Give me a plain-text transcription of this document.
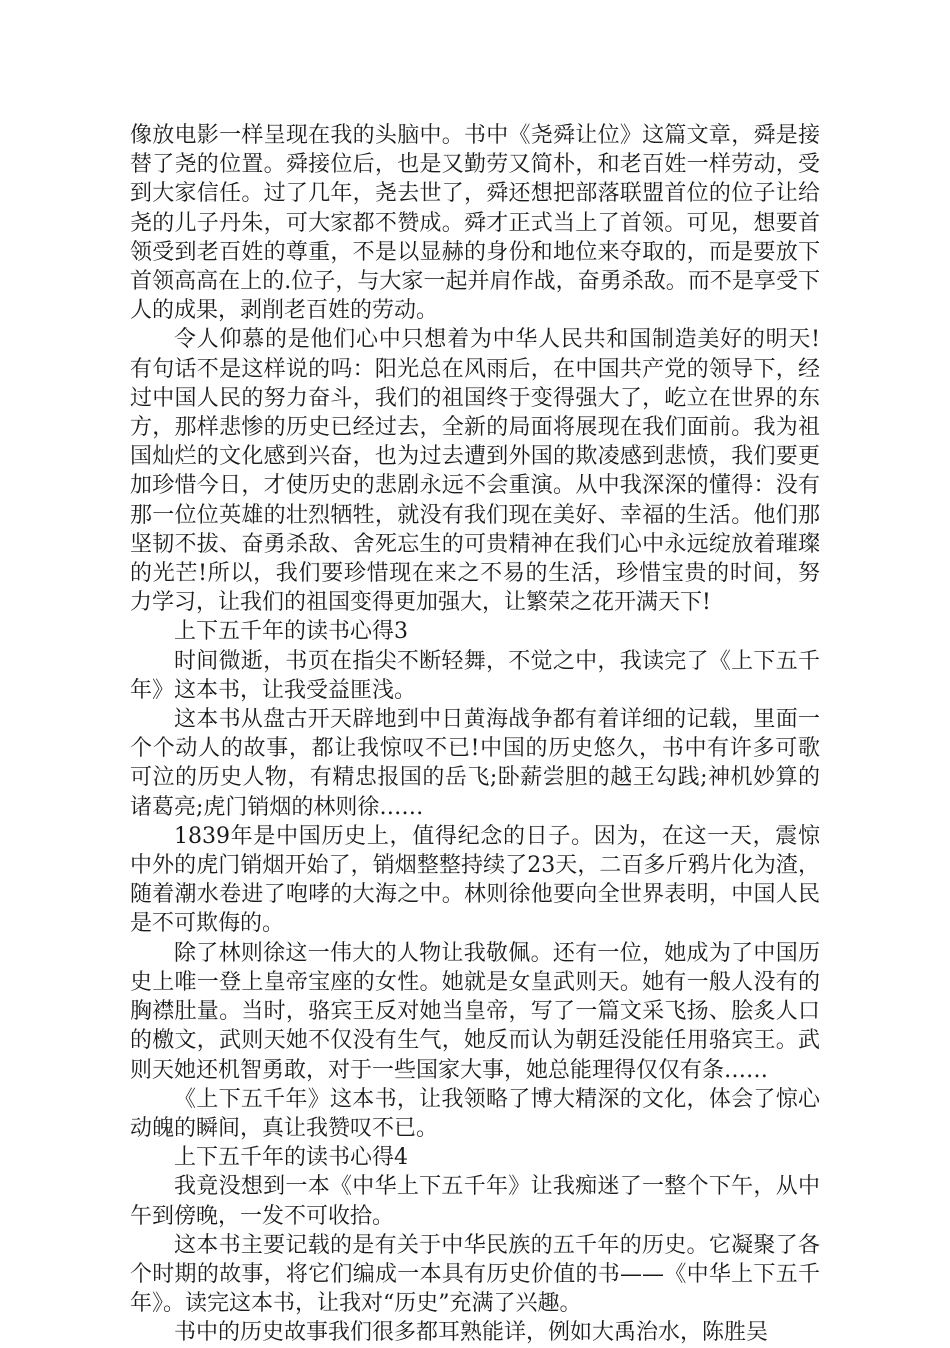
像放电影一样呈现在我的头脑中。书中《尧舜让位》这篇文章，舜是接替了尧的位置。舜接位后，也是又勤劳又简朴，和老百姓一样劳动，受到大家信任。过了几年，尧去世了，舜还想把部落联盟首位的位子让给尧的儿子丹朱，可大家都不赞成。舜才正式当上了首领。可见，想要首领受到老百姓的尊重，不是以显赫的身份和地位来夺取的，而是要放下首领高高在上的.位子，与大家一起并肩作战，奋勇杀敌。而不是享受下人的成果，剥削老百姓的劳动。

令人仰慕的是他们心中只想着为中华人民共和国制造美好的明天!有句话不是这样说的吗：阳光总在风雨后，在中国共产党的领导下，经过中国人民的努力奋斗，我们的祖国终于变得强大了，屹立在世界的东方，那样悲惨的历史已经过去，全新的局面将展现在我们面前。我为祖国灿烂的文化感到兴奋，也为过去遭到外国的欺凌感到悲愤，我们要更加珍惜今日，才使历史的悲剧永远不会重演。从中我深深的懂得：没有那一位位英雄的壮烈牺牲，就没有我们现在美好、幸福的生活。他们那坚韧不拔、奋勇杀敌、舍死忘生的可贵精神在我们心中永远绽放着璀璨的光芒!所以，我们要珍惜现在来之不易的生活，珍惜宝贵的时间，努力学习，让我们的祖国变得更加强大，让繁荣之花开满天下!

上下五千年的读书心得3

时间微逝，书页在指尖不断轻舞，不觉之中，我读完了《上下五千年》这本书，让我受益匪浅。

这本书从盘古开天辟地到中日黄海战争都有着详细的记载，里面一个个动人的故事，都让我惊叹不已!中国的历史悠久，书中有许多可歌可泣的历史人物，有精忠报国的岳飞;卧薪尝胆的越王勾践;神机妙算的诸葛亮;虎门销烟的林则徐……

1839年是中国历史上，值得纪念的日子。因为，在这一天，震惊中外的虎门销烟开始了，销烟整整持续了23天，二百多斤鸦片化为渣，随着潮水卷进了咆哮的大海之中。林则徐他要向全世界表明，中国人民是不可欺侮的。

除了林则徐这一伟大的人物让我敬佩。还有一位，她成为了中国历史上唯一登上皇帝宝座的女性。她就是女皇武则天。她有一般人没有的胸襟肚量。当时，骆宾王反对她当皇帝，写了一篇文采飞扬、脍炙人口的檄文，武则天她不仅没有生气，她反而认为朝廷没能任用骆宾王。武则天她还机智勇敢，对于一些国家大事，她总能理得仅仅有条……

《上下五千年》这本书，让我领略了博大精深的文化，体会了惊心动魄的瞬间，真让我赞叹不已。

上下五千年的读书心得4

我竟没想到一本《中华上下五千年》让我痴迷了一整个下午，从中午到傍晚，一发不可收拾。

这本书主要记载的是有关于中华民族的五千年的历史。它凝聚了各个时期的故事，将它们编成一本具有历史价值的书——《中华上下五千年》。读完这本书，让我对“历史”充满了兴趣。

书中的历史故事我们很多都耳熟能详，例如大禹治水，陈胜吴
